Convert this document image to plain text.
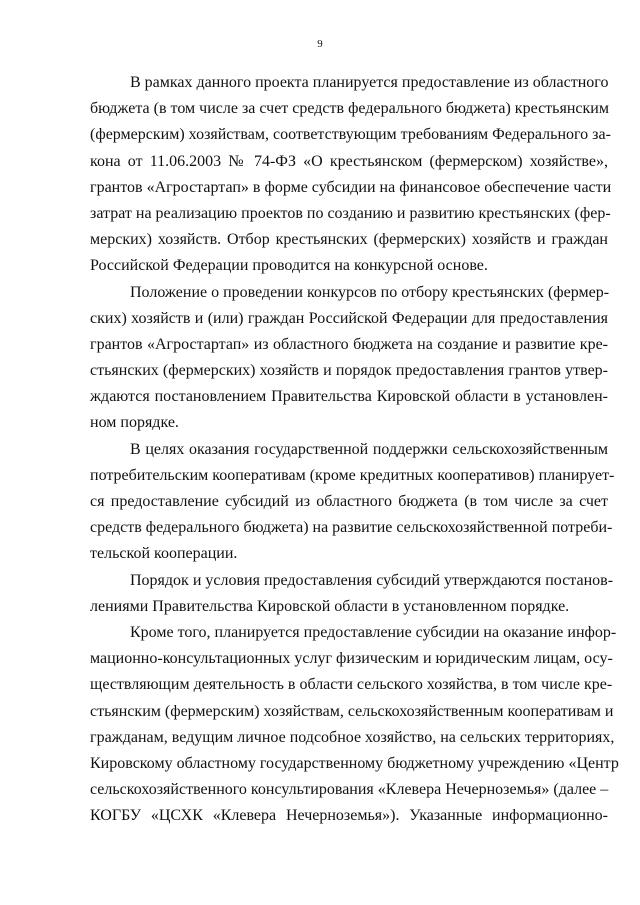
9
В рамках данного проекта планируется предоставление из областного
бюджета (в том числе за счет средств федерального бюджета) крестьянским
(фермерским) хозяйствам, соответствующим требованиям Федерального за-
кона от 11.06.2003 № 74-ФЗ «О крестьянском (фермерском) хозяйстве»,
грантов «Агростартап» в форме субсидии на финансовое обеспечение части
затрат на реализацию проектов по созданию и развитию крестьянских (фер-
мерских) хозяйств. Отбор крестьянских (фермерских) хозяйств и граждан
Российской Федерации проводится на конкурсной основе.
Положение о проведении конкурсов по отбору крестьянских (фермер-
ских) хозяйств и (или) граждан Российской Федерации для предоставления
грантов «Агростартап» из областного бюджета на создание и развитие кре-
стьянских (фермерских) хозяйств и порядок предоставления грантов утвер-
ждаются постановлением Правительства Кировской области в установлен-
ном порядке.
В целях оказания государственной поддержки сельскохозяйственным
потребительским кооперативам (кроме кредитных кооперативов) планирует-
ся предоставление субсидий из областного бюджета (в том числе за счет
средств федерального бюджета) на развитие сельскохозяйственной потреби-
тельской кооперации.
Порядок и условия предоставления субсидий утверждаются постанов-
лениями Правительства Кировской области в установленном порядке.
Кроме того, планируется предоставление субсидии на оказание инфор-
мационно-консультационных услуг физическим и юридическим лицам, осу-
ществляющим деятельность в области сельского хозяйства, в том числе кре-
стьянским (фермерским) хозяйствам, сельскохозяйственным кооперативам и
гражданам, ведущим личное подсобное хозяйство, на сельских территориях,
Кировскому областному государственному бюджетному учреждению «Центр
сельскохозяйственного консультирования «Клевера Нечерноземья» (далее –
КОГБУ «ЦСХК «Клевера Нечерноземья»). Указанные информационно-
